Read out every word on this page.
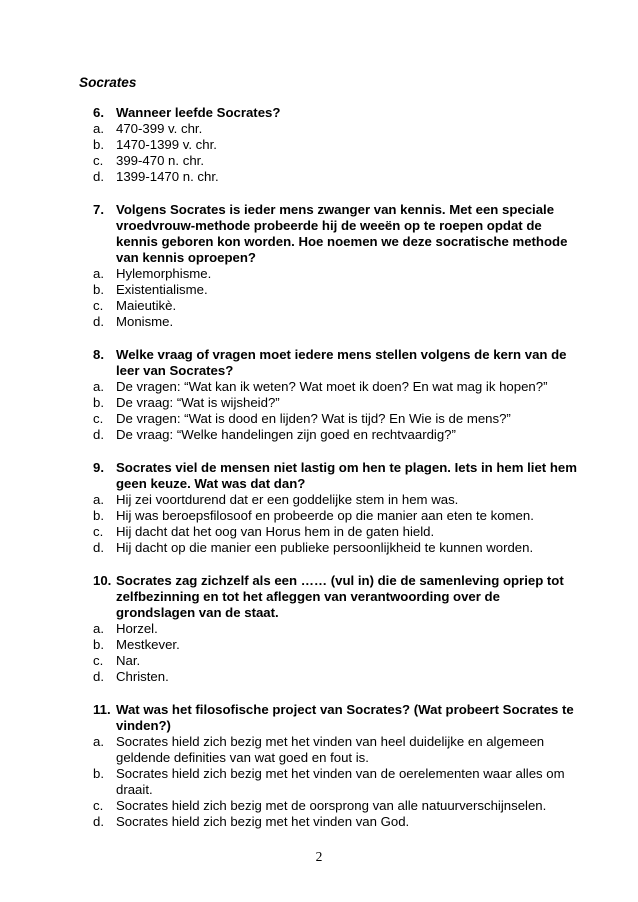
Socrates
6. Wanneer leefde Socrates?
a. 470-399 v. chr.
b. 1470-1399 v. chr.
c. 399-470 n. chr.
d. 1399-1470 n. chr.
7. Volgens Socrates is ieder mens zwanger van kennis. Met een speciale vroedvrouw-methode probeerde hij de weeën op te roepen opdat de kennis geboren kon worden. Hoe noemen we deze socratische methode van kennis oproepen?
a. Hylemorphisme.
b. Existentialisme.
c. Maieutikè.
d. Monisme.
8. Welke vraag of vragen moet iedere mens stellen volgens de kern van de leer van Socrates?
a. De vragen: “Wat kan ik weten? Wat moet ik doen? En wat mag ik hopen?”
b. De vraag: “Wat is wijsheid?”
c. De vragen: “Wat is dood en lijden? Wat is tijd? En Wie is de mens?”
d. De vraag: “Welke handelingen zijn goed en rechtvaardig?”
9. Socrates viel de mensen niet lastig om hen te plagen. Iets in hem liet hem geen keuze. Wat was dat dan?
a. Hij zei voortdurend dat er een goddelijke stem in hem was.
b. Hij was beroepsfilosoof en probeerde op die manier aan eten te komen.
c. Hij dacht dat het oog van Horus hem in de gaten hield.
d. Hij dacht op die manier een publieke persoonlijkheid te kunnen worden.
10. Socrates zag zichzelf als een …… (vul in) die de samenleving opriep tot zelfbezinning en tot het afleggen van verantwoording over de grondslagen van de staat.
a. Horzel.
b. Mestkever.
c. Nar.
d. Christen.
11. Wat was het filosofische project van Socrates? (Wat probeert Socrates te vinden?)
a. Socrates hield zich bezig met het vinden van heel duidelijke en algemeen geldende definities van wat goed en fout is.
b. Socrates hield zich bezig met het vinden van de oerelementen waar alles om draait.
c. Socrates hield zich bezig met de oorsprong van alle natuurverschijnselen.
d. Socrates hield zich bezig met het vinden van God.
2
